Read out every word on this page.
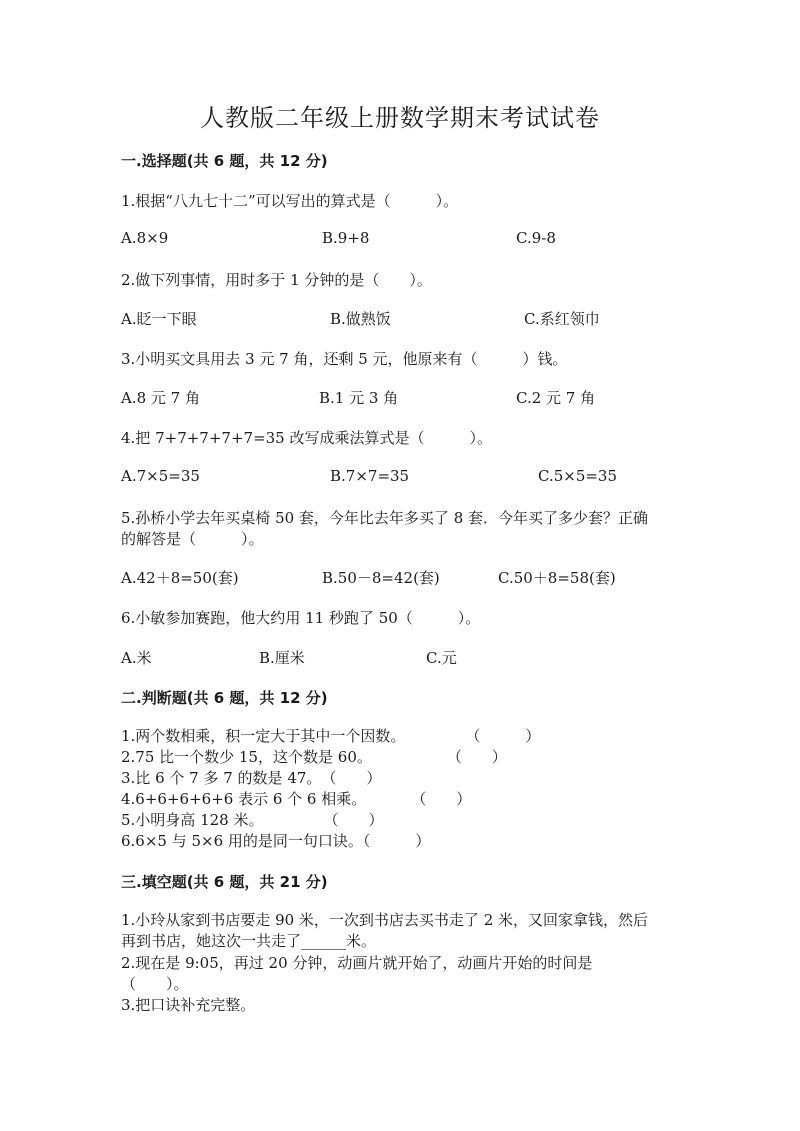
人教版二年级上册数学期末考试试卷
一.选择题(共 6 题，共 12 分)
1.根据“八九七十二”可以写出的算式是（　　　）。
A.8×9	B.9+8	C.9-8
2.做下列事情，用时多于 1 分钟的是（　　）。
A.眨一下眼	B.做熟饭	C.系红领巾
3.小明买文具用去 3 元 7 角，还剩 5 元，他原来有（　　　）钱。
A.8 元 7 角	B.1 元 3 角	C.2 元 7 角
4.把 7+7+7+7+7=35 改写成乘法算式是（　　　）。
A.7×5=35	B.7×7=35	C.5×5=35
5.孙桥小学去年买桌椅 50 套，今年比去年多买了 8 套．今年买了多少套？正确
的解答是（　　　）。
A.42＋8=50(套)	B.50－8=42(套)	C.50＋8=58(套)
6.小敏参加赛跑，他大约用 11 秒跑了 50（　　　）。
A.米	B.厘米	C.元
二.判断题(共 6 题，共 12 分)
1.两个数相乘，积一定大于其中一个因数。　　　　　（　　　）
2.75 比一个数少 15，这个数是 60。　　　　　　（　　）
3.比 6 个 7 多 7 的数是 47。　（　　）
4.6+6+6+6+6 表示 6 个 6 相乘。　　　　（　　）
5.小明身高 128 米。　　　　　（　　）
6.6×5 与 5×6 用的是同一句口诀。（　　　）
三.填空题(共 6 题，共 21 分)
1.小玲从家到书店要走 90 米，一次到书店去买书走了 2 米，又回家拿钱，然后
再到书店，她这次一共走了______米。
2.现在是 9:05，再过 20 分钟，动画片就开始了，动画片开始的时间是
（　　）。
3.把口诀补充完整。
